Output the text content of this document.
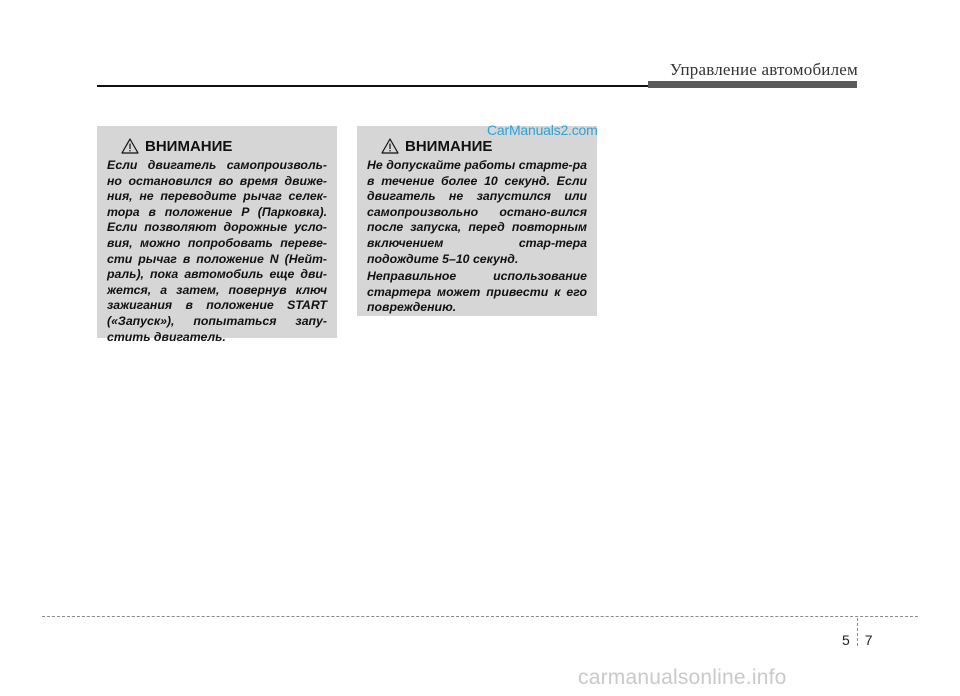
Управление автомобилем
ВНИМАНИЕ

Если двигатель самопроизволь-но остановился во время движе-ния, не переводите рычаг селек-тора в положение P (Парковка). Если позволяют дорожные усло-вия, можно попробовать переве-сти рычаг в положение N (Нейт-раль), пока автомобиль еще дви-жется, а затем, повернув ключ зажигания в положение START («Запуск»), попытаться запу-стить двигатель.

ВНИМАНИЕ

Не допускайте работы старте-ра в течение более 10 секунд. Если двигатель не запустился или самопроизвольно остано-вился после запуска, перед повторным включением стар-тера подождите 5–10 секунд.

Неправильное использование стартера может привести к его повреждению.

CarManuals2.com
5 7
carmanualsonline.info
